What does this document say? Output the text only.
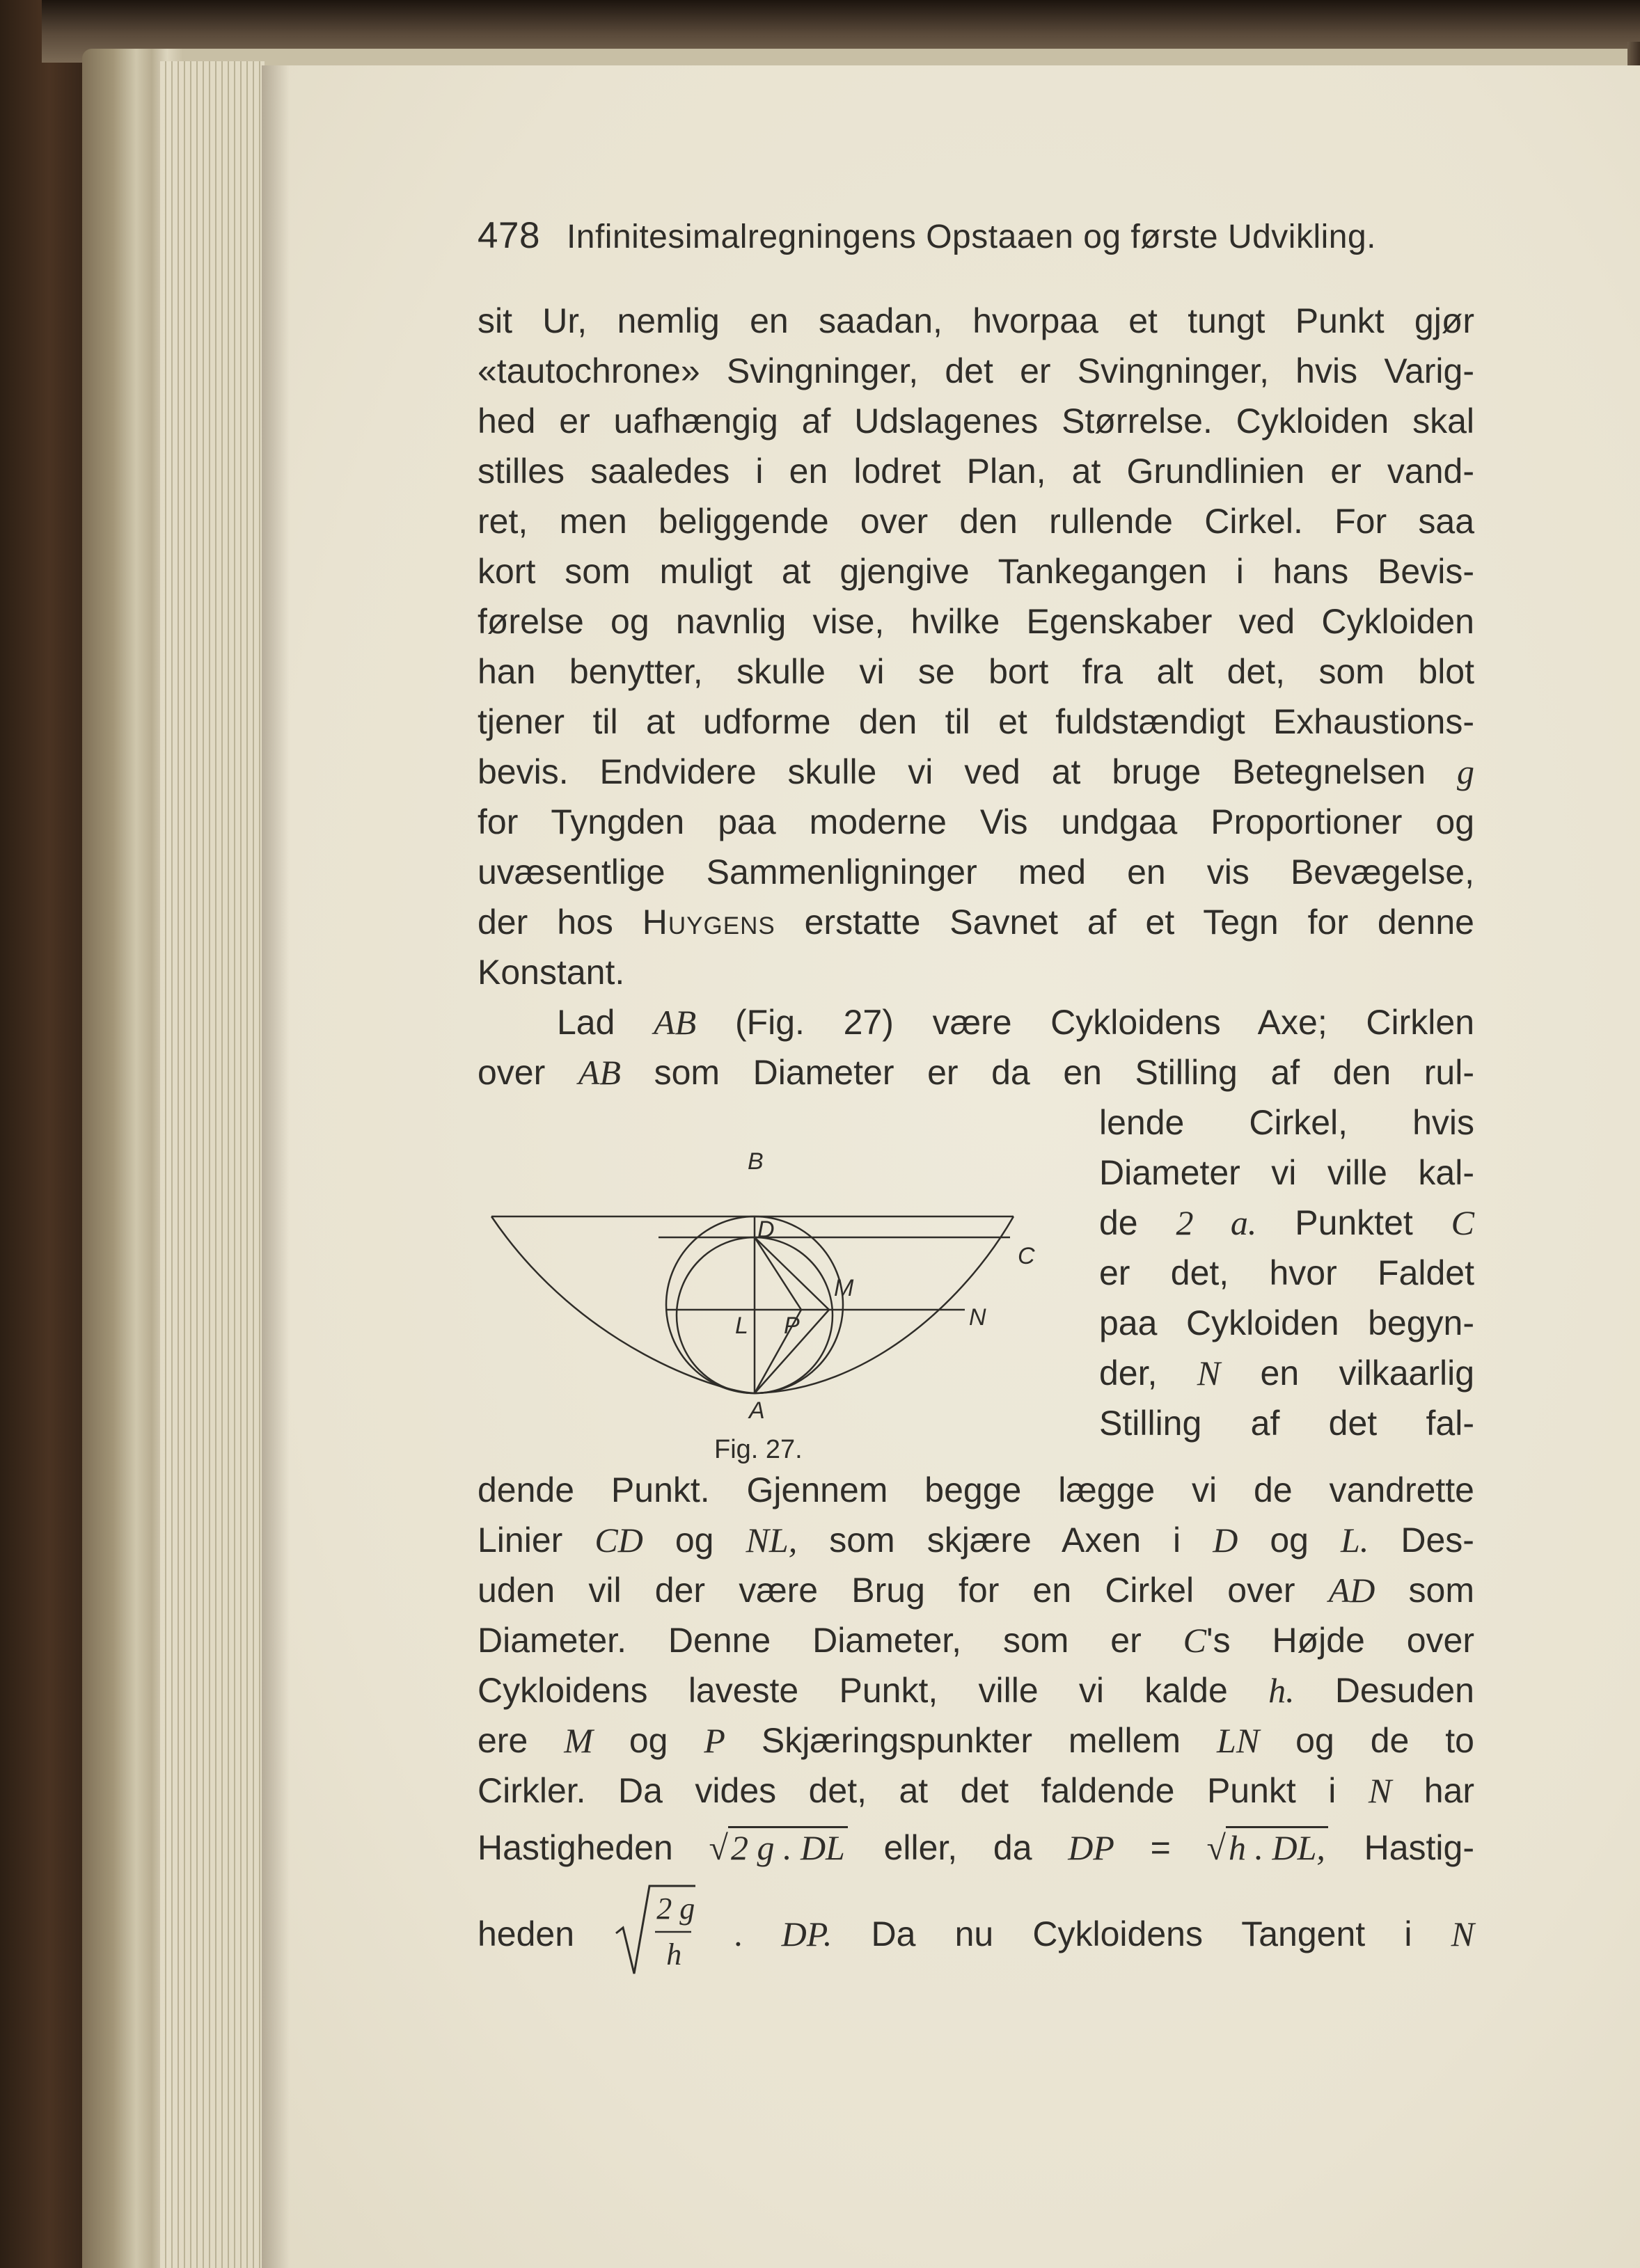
478 Infinitesimalregningens Opstaaen og første Udvikling.
sit Ur, nemlig en saadan, hvorpaa et tungt Punkt gjør
«tautochrone» Svingninger, det er Svingninger, hvis Varig-
hed er uafhængig af Udslagenes Størrelse. Cykloiden skal
stilles saaledes i en lodret Plan, at Grundlinien er vand-
ret, men beliggende over den rullende Cirkel. For saa
kort som muligt at gjengive Tankegangen i hans Bevis-
førelse og navnlig vise, hvilke Egenskaber ved Cykloiden
han benytter, skulle vi se bort fra alt det, som blot
tjener til at udforme den til et fuldstændigt Exhaustions-
bevis. Endvidere skulle vi ved at bruge Betegnelsen g
for Tyngden paa moderne Vis undgaa Proportioner og
uvæsentlige Sammenligninger med en vis Bevægelse,
der hos Huygens erstatte Savnet af et Tegn for denne
Konstant.
Lad AB (Fig. 27) være Cykloidens Axe; Cirklen
over AB som Diameter er da en Stilling af den rul-
lende Cirkel, hvis
Diameter vi ville kal-
de 2 a. Punktet C
er det, hvor Faldet
paa Cykloiden begyn-
der, N en vilkaarlig
Stilling af det fal-
B
D
C
M
L P	N
A
Fig. 27.
dende Punkt. Gjennem begge lægge vi de vandrette
Linier CD og NL, som skjære Axen i D og L. Des-
uden vil der være Brug for en Cirkel over AD som
Diameter. Denne Diameter, som er C's Højde over
Cykloidens laveste Punkt, ville vi kalde h. Desuden
ere M og P Skjæringspunkter mellem LN og de to
Cirkler. Da vides det, at det faldende Punkt i N har
Hastigheden √2 g . DL eller, da DP = √h . DL, Hastig-
heden
2 g
h
. DP. Da nu Cykloidens Tangent i N
